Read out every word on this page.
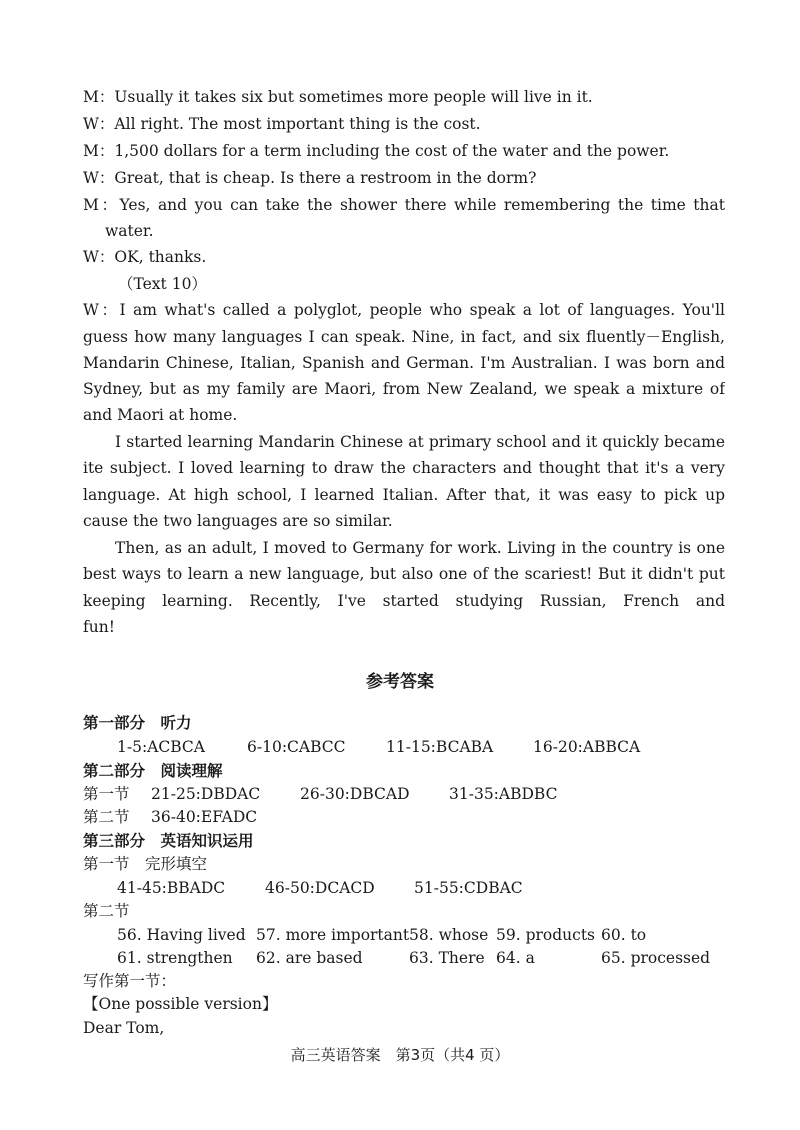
M：Usually it takes six but sometimes more people will live in it.
W：All right. The most important thing is the cost.
M：1,500 dollars for a term including the cost of the water and the power.
W：Great, that is cheap. Is there a restroom in the dorm?
M：Yes, and you can take the shower there while remembering the time that
water.
W：OK, thanks.
（Text 10）
W：I am what's called a polyglot, people who speak a lot of languages. You'll
guess how many languages I can speak. Nine, in fact, and six fluently－English,
Mandarin Chinese, Italian, Spanish and German. I'm Australian. I was born and
Sydney, but as my family are Maori, from New Zealand, we speak a mixture of
and Maori at home.
I started learning Mandarin Chinese at primary school and it quickly became
ite subject. I loved learning to draw the characters and thought that it's a very
language. At high school, I learned Italian. After that, it was easy to pick up
cause the two languages are so similar.
Then, as an adult, I moved to Germany for work. Living in the country is one
best ways to learn a new language, but also one of the scariest! But it didn't put
keeping learning. Recently, I've started studying Russian, French and
fun!
参考答案
第一部分　听力
1-5:ACBCA	6-10:CABCC	11-15:BCABA	16-20:ABBCA
第二部分　阅读理解
第一节 21-25:DBDAC	26-30:DBCAD	31-35:ABDBC
第二节 36-40:EFADC
第三部分　英语知识运用
第一节　完形填空
41-45:BBADC	46-50:DCACD	51-55:CDBAC
第二节
56. Having lived 57. more important 58. whose 59. products 60. to
61. strengthen 62. are based	63. There 64. a	65. processed
写作第一节：
【One possible version】
Dear Tom,
高三英语答案　第3页（共4 页）
